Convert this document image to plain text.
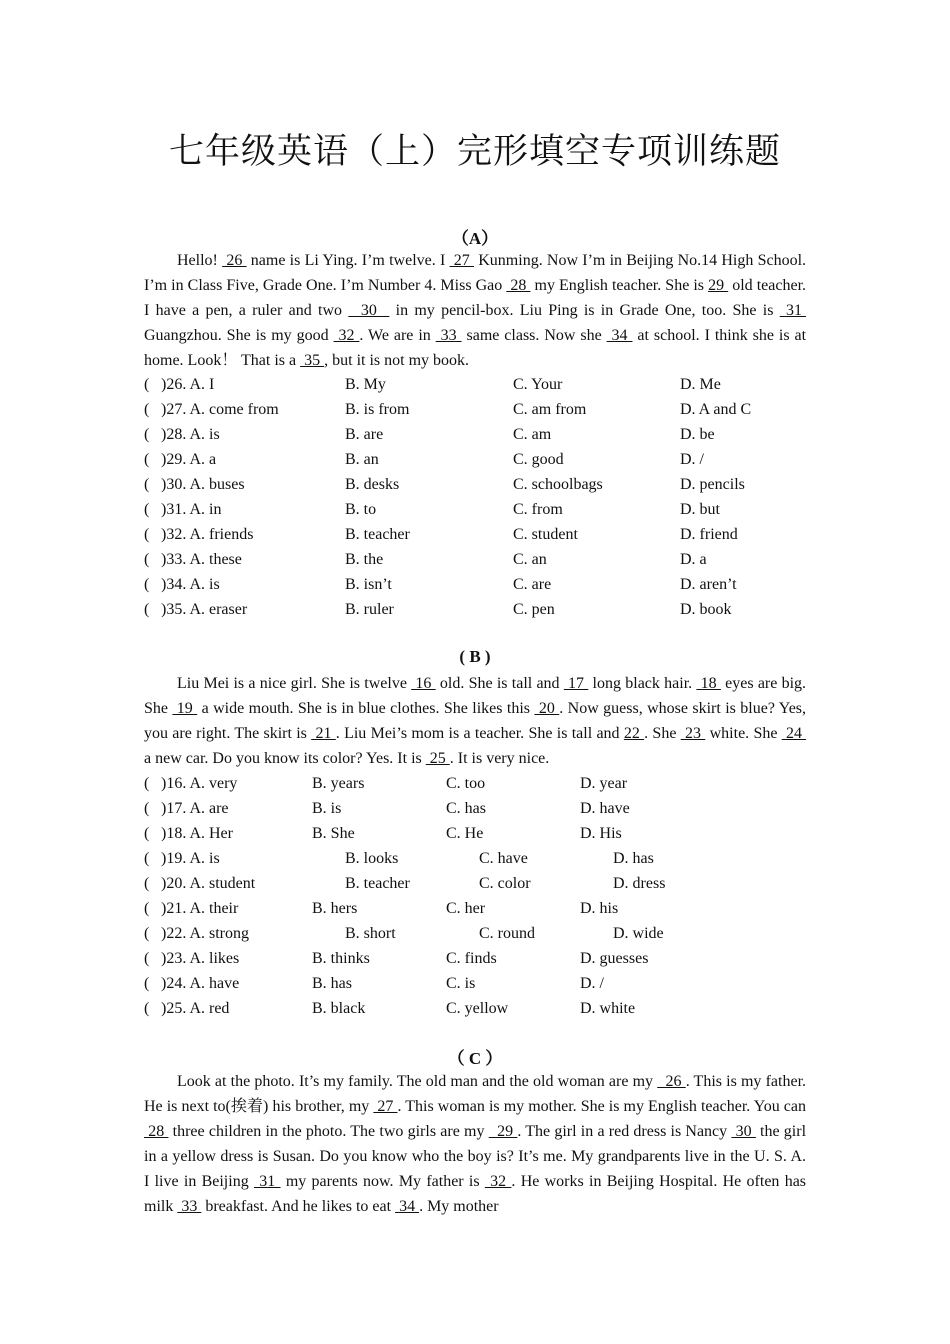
七年级英语（上）完形填空专项训练题
（A）

Hello!  26  name is Li Ying. I’m twelve. I  27  Kunming. Now I’m in Beijing No.14 High School. I’m in Class Five, Grade One. I’m Number 4. Miss Gao  28  my English teacher. She is 29  old teacher. I have a pen, a ruler and two   30   in my pencil-box. Liu Ping is in Grade One, too. She is  31  Guangzhou. She is my good  32 . We are in  33  same class. Now she  34  at school. I think she is at home. Look！ That is a  35 , but it is not my book.

( )26. A. I	B. My	C. Your	D. Me
( )27. A. come from	B. is from	C. am from	D. A and C
( )28. A. is	B. are	C. am	D. be
( )29. A. a	B. an	C. good	D. /
( )30. A. buses	B. desks	C. schoolbags	D. pencils
( )31. A. in	B. to	C. from	D. but
( )32. A. friends	B. teacher	C. student	D. friend
( )33. A. these	B. the	C. an	D. a
( )34. A. is	B. isn’t	C. are	D. aren’t
( )35. A. eraser	B. ruler	C. pen	D. book
( B )

Liu Mei is a nice girl. She is twelve  16  old. She is tall and  17  long black hair.  18  eyes are big. She  19  a wide mouth. She is in blue clothes. She likes this  20 . Now guess, whose skirt is blue? Yes, you are right. The skirt is  21 . Liu Mei’s mom is a teacher. She is tall and 22 . She  23  white. She  24  a new car. Do you know its color? Yes. It is  25 . It is very nice.

( )16. A. very	B. years	C. too	D. year
( )17. A. are	B. is	C. has	D. have
( )18. A. Her	B. She	C. He	D. His
( )19. A. is	B. looks	C. have	D. has
( )20. A. student	B. teacher	C. color	D. dress
( )21. A. their	B. hers	C. her	D. his
( )22. A. strong	B. short	C. round	D. wide
( )23. A. likes	B. thinks	C. finds	D. guesses
( )24. A. have	B. has	C. is	D. /
( )25. A. red	B. black	C. yellow	D. white
（ C ）

Look at the photo. It’s my family. The old man and the old woman are my   26 . This is my father. He is next to(挨着) his brother, my  27 . This woman is my mother. She is my English teacher. You can  28  three children in the photo. The two girls are my   29 . The girl in a red dress is Nancy  30  the girl in a yellow dress is Susan. Do you know who the boy is? It’s me. My grandparents live in the U. S. A. I live in Beijing  31  my parents now. My father is  32 . He works in Beijing Hospital. He often has milk  33  breakfast. And he likes to eat  34 . My mother
